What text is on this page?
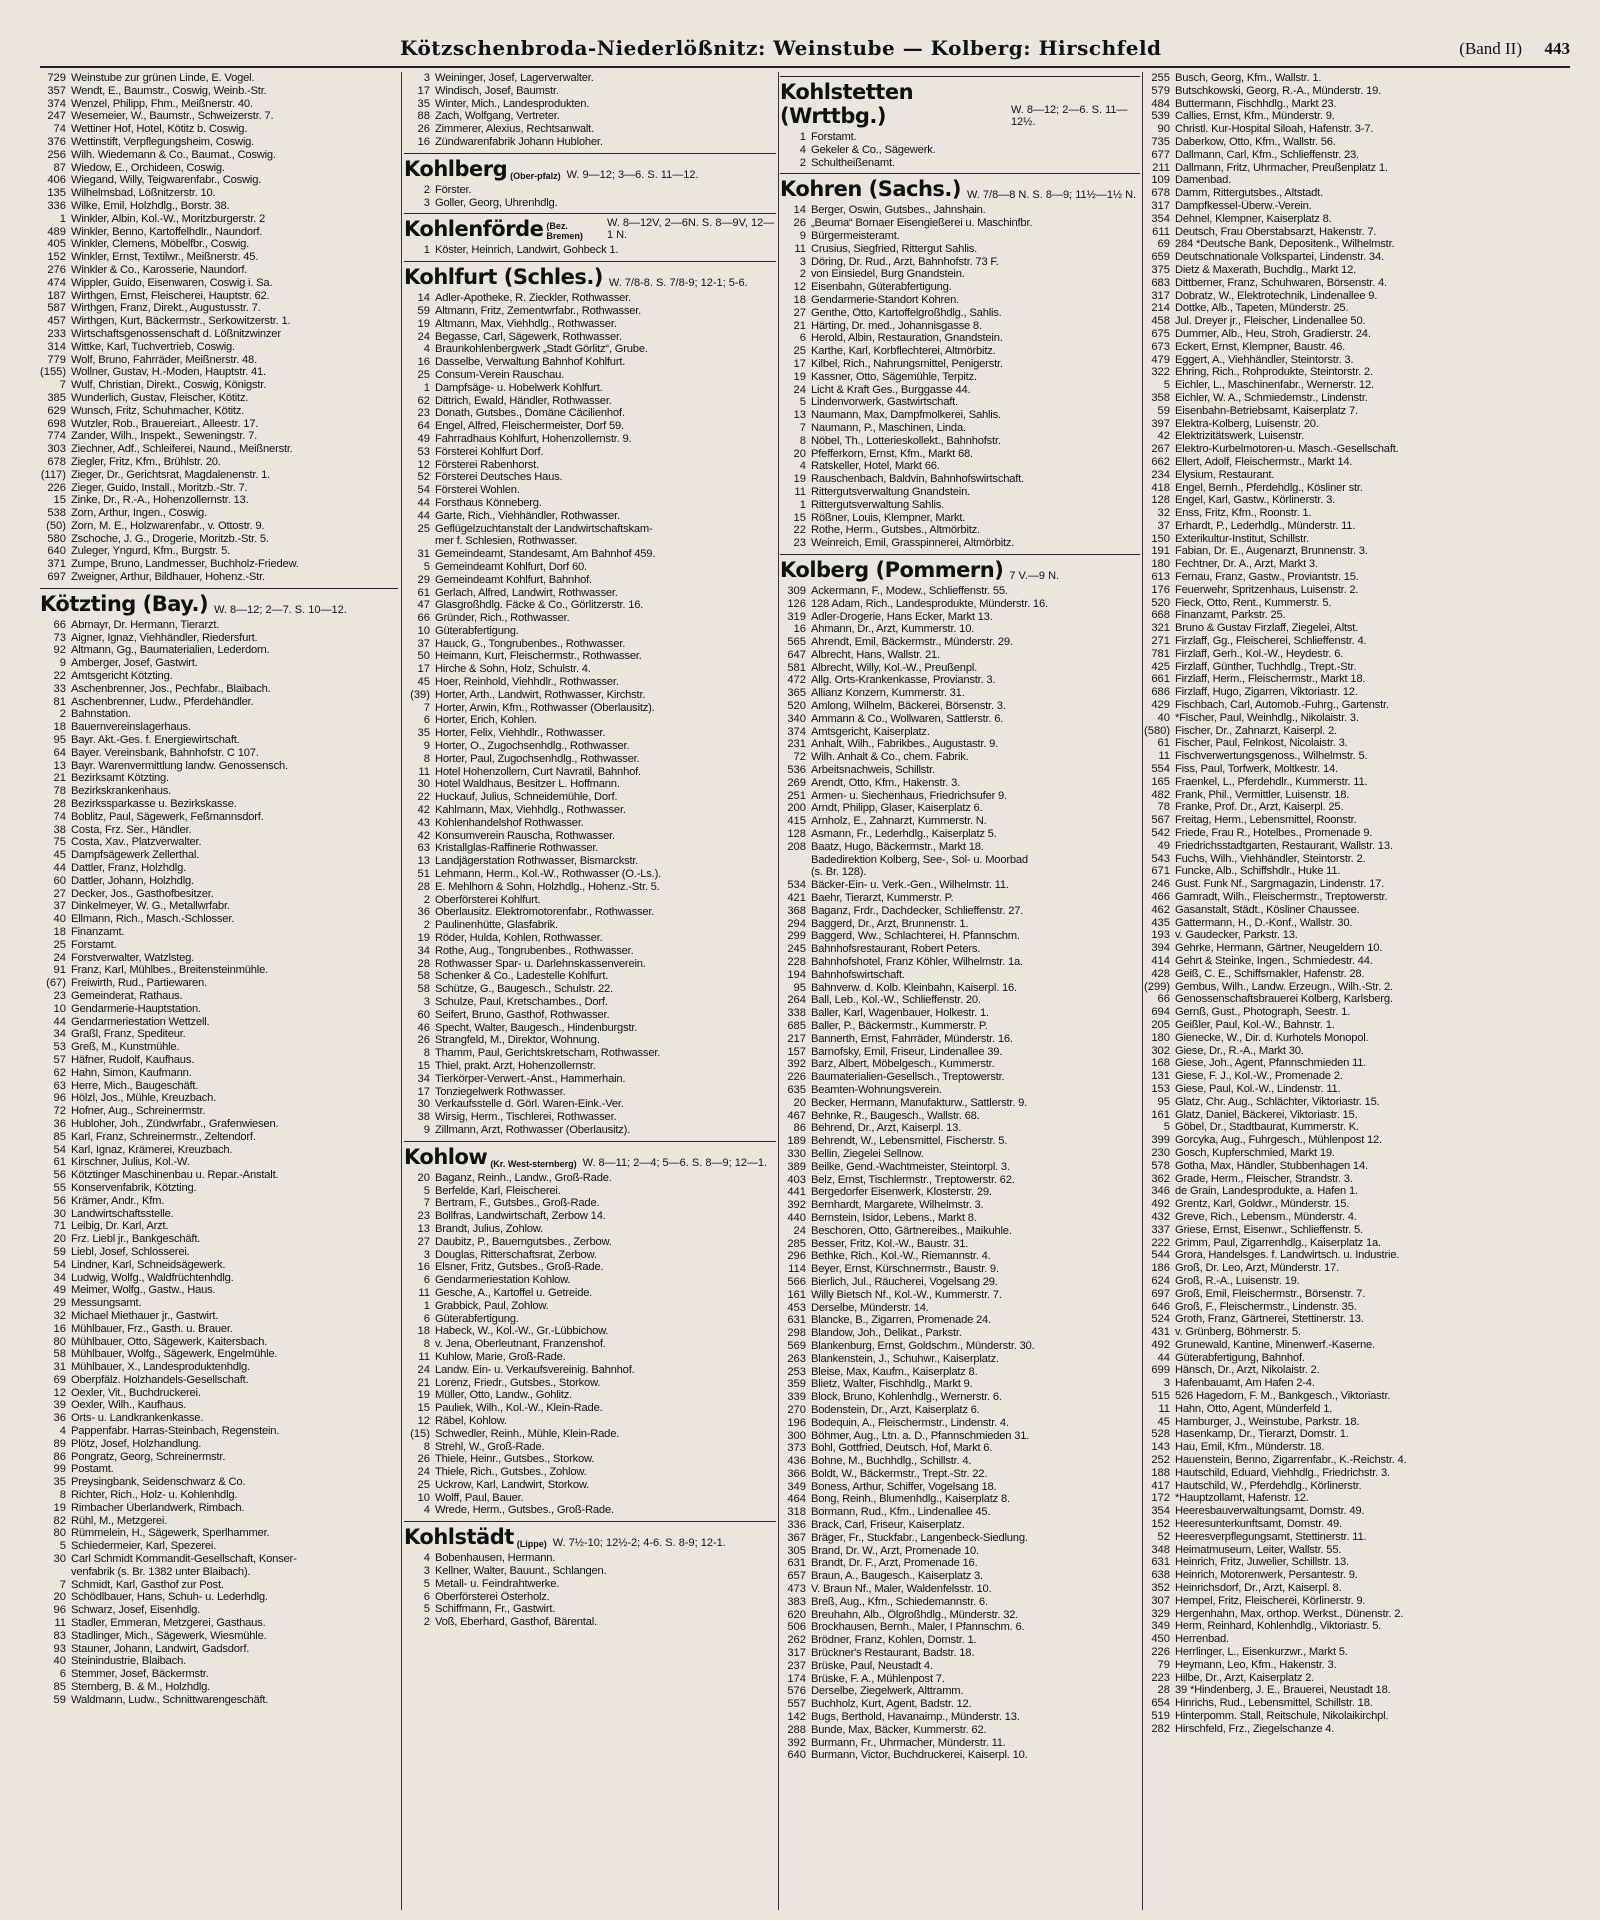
Kötzschenbroda-Niederlößnitz: Weinstube — Kolberg: Hirschfeld	(Band II) 443
729 Weinstube zur grünen Linde, E. Vogel.
357 Wendt, E., Baumstr., Coswig, Weinb.-Str.
374 Wenzel, Philipp, Fhm., Meißnerstr. 40.
247 Wesemeier, W., Baumstr., Schweizerstr. 7.
74 Wettiner Hof, Hotel, Kötitz b. Coswig.
376 Wettinstift, Verpflegungsheim, Coswig.
256 Wilh. Wiedemann & Co., Baumat., Coswig.
87 Wiedow, E., Orchideen, Coswig.
406 Wiegand, Willy, Teigwarenfabr., Coswig.
135 Wilhelmsbad, Lößnitzerstr. 10.
336 Wilke, Emil, Holzhdlg., Borstr. 38.
1 Winkler, Albin, Kol.-W., Moritzburgerstr. 2
489 Winkler, Benno, Kartoffelhdlr., Naundorf.
405 Winkler, Clemens, Möbelfbr., Coswig.
152 Winkler, Ernst, Textilwr., Meißnerstr. 45.
276 Winkler & Co., Karosserie, Naundorf.
474 Wippler, Guido, Eisenwaren, Coswig i. Sa.
187 Wirthgen, Ernst, Fleischerei, Hauptstr. 62.
587 Wirthgen, Franz, Direkt., Augustusstr. 7.
457 Wirthgen, Kurt, Bäckermstr., Serkowitzerstr. 1.
233 Wirtschaftsgenossenschaft d. Lößnitzwinzer
314 Wittke, Karl, Tuchvertrieb, Coswig.
779 Wolf, Bruno, Fahrräder, Meißnerstr. 48.
(155) Wollner, Gustav, H.-Moden, Hauptstr. 41.
7 Wulf, Christian, Direkt., Coswig, Königstr.
385 Wunderlich, Gustav, Fleischer, Kötitz.
629 Wunsch, Fritz, Schuhmacher, Kötitz.
698 Wutzler, Rob., Brauereiart., Alleestr. 17.
774 Zander, Wilh., Inspekt., Seweningstr. 7.
303 Ziechner, Adf., Schleiferei, Naund., Meißnerstr.
678 Ziegler, Fritz, Kfm., Brühlstr. 20.
(117) Zieger, Dr., Gerichtsrat, Magdalenenstr. 1.
226 Zieger, Guido, Install., Moritzb.-Str. 7.
15 Zinke, Dr., R.-A., Hohenzollernstr. 13.
538 Zorn, Arthur, Ingen., Coswig.
(50) Zorn, M. E., Holzwarenfabr., v. Ottostr. 9.
580 Zschoche, J. G., Drogerie, Moritzb.-Str. 5.
640 Zuleger, Yngurd, Kfm., Burgstr. 5.
371 Zumpe, Bruno, Landmesser, Buchholz-Friedew.
697 Zweigner, Arthur, Bildhauer, Hohenz.-Str.
Kötzting (Bay.) W. 8—12; 2—7. S. 10—12.
66 Abmayr, Dr. Hermann, Tierarzt.
73 Aigner, Ignaz, Viehhändler, Riedersfurt.
92 Altmann, Gg., Baumaterialien, Lederdorn.
9 Amberger, Josef, Gastwirt.
22 Amtsgericht Kötzting.
33 Aschenbrenner, Jos., Pechfabr., Blaibach.
81 Aschenbrenner, Ludw., Pferdehändler.
2 Bahnstation.
18 Bauernvereinslagerhaus.
95 Bayr. Akt.-Ges. f. Energiewirtschaft.
64 Bayer. Vereinsbank, Bahnhofstr. C 107.
13 Bayr. Warenvermittlung landw. Genossensch.
21 Bezirksamt Kötzting.
78 Bezirkskrankenhaus.
28 Bezirkssparkasse u. Bezirkskasse.
74 Boblitz, Paul, Sägewerk, Feßmannsdorf.
38 Costa, Frz. Ser., Händler.
75 Costa, Xav., Platzverwalter.
45 Dampfsägewerk Zellerthal.
44 Dattler, Franz, Holzhdlg.
60 Dattler, Johann, Holzhdlg.
27 Decker, Jos., Gasthofbesitzer.
37 Dinkelmeyer, W. G., Metallwrfabr.
40 Ellmann, Rich., Masch.-Schlosser.
18 Finanzamt.
25 Forstamt.
24 Forstverwalter, Watzlsteg.
91 Franz, Karl, Mühlbes., Breitensteinmühle.
(67) Freiwirth, Rud., Partiewaren.
23 Gemeinderat, Rathaus.
10 Gendarmerie-Hauptstation.
44 Gendarmeriestation Wettzell.
34 Graßl, Franz, Spediteur.
53 Greß, M., Kunstmühle.
57 Häfner, Rudolf, Kaufhaus.
62 Hahn, Simon, Kaufmann.
63 Herre, Mich., Baugeschäft.
96 Hölzl, Jos., Mühle, Kreuzbach.
72 Hofner, Aug., Schreinermstr.
36 Hubloher, Joh., Zündwrfabr., Grafenwiesen.
85 Karl, Franz, Schreinermstr., Zeltendorf.
54 Karl, Ignaz, Krämerei, Kreuzbach.
61 Kirschner, Julius, Kol.-W.
56 Kötztinger Maschinenbau u. Repar.-Anstalt.
55 Konservenfabrik, Kötzting.
56 Krämer, Andr., Kfm.
30 Landwirtschaftsstelle.
71 Leibig, Dr. Karl, Arzt.
20 Frz. Liebl jr., Bankgeschäft.
59 Liebl, Josef, Schlosserei.
54 Lindner, Karl, Schneidsägewerk.
34 Ludwig, Wolfg., Waldfrüchtenhdlg.
49 Meimer, Wolfg., Gastw., Haus.
29 Messungsamt.
32 Michael Miethauer jr., Gastwirt.
16 Mühlbauer, Frz., Gasth. u. Brauer.
80 Mühlbauer, Otto, Sägewerk, Kaitersbach.
58 Mühlbauer, Wolfg., Sägewerk, Engelmühle.
31 Mühlbauer, X., Landesproduktenhdlg.
69 Oberpfälz. Holzhandels-Gesellschaft.
12 Oexler, Vit., Buchdruckerei.
39 Oexler, Wilh., Kaufhaus.
36 Orts- u. Landkrankenkasse.
4 Pappenfabr. Harras-Steinbach, Regenstein.
89 Plötz, Josef, Holzhandlung.
86 Pongratz, Georg, Schreinermstr.
99 Postamt.
35 Preysingbank, Seidenschwarz & Co.
8 Richter, Rich., Holz- u. Kohlenhdlg.
19 Rimbacher Überlandwerk, Rimbach.
82 Rühl, M., Metzgerei.
80 Rümmelein, H., Sägewerk, Sperlhammer.
5 Schiedermeier, Karl, Spezerei.
30 Carl Schmidt Kommandit-Gesellschaft, Konser-
venfabrik (s. Br. 1382 unter Blaibach).
7 Schmidt, Karl, Gasthof zur Post.
20 Schödlbauer, Hans, Schuh- u. Lederhdlg.
96 Schwarz, Josef, Eisenhdlg.
11 Stadler, Emmeran, Metzgerei, Gasthaus.
83 Stadlinger, Mich., Sägewerk, Wiesmühle.
93 Stauner, Johann, Landwirt, Gadsdorf.
40 Steinindustrie, Blaibach.
6 Stemmer, Josef, Bäckermstr.
85 Sternberg, B. & M., Holzhdlg.
59 Waldmann, Ludw., Schnittwarengeschäft.
3 Weininger, Josef, Lagerverwalter.
17 Windisch, Josef, Baumstr.
35 Winter, Mich., Landesprodukten.
88 Zach, Wolfgang, Vertreter.
26 Zimmerer, Alexius, Rechtsanwalt.
16 Zündwarenfabrik Johann Hubloher.
Kohlberg (Ober-pfalz) W. 9—12; 3—6. S. 11—12.
2 Förster.
3 Goller, Georg, Uhrenhdlg.
Kohlenförde (Bez. Bremen)
W. 8—12V, 2—6N. S. 8—9V, 12—1 N.
1 Köster, Heinrich, Landwirt, Gohbeck 1.
Kohlfurt (Schles.) W. 7/8-8. S. 7/8-9; 12-1; 5-6.
14 Adler-Apotheke, R. Zieckler, Rothwasser.
59 Altmann, Fritz, Zementwrfabr., Rothwasser.
19 Altmann, Max, Viehhdlg., Rothwasser.
24 Begasse, Carl, Sägewerk, Rothwasser.
4 Braunkohlenbergwerk „Stadt Görlitz“, Grube.
16 Dasselbe, Verwaltung Bahnhof Kohlfurt.
25 Consum-Verein Rauschau.
1 Dampfsäge- u. Hobelwerk Kohlfurt.
62 Dittrich, Ewald, Händler, Rothwasser.
23 Donath, Gutsbes., Domäne Cäcilienhof.
64 Engel, Alfred, Fleischermeister, Dorf 59.
49 Fahrradhaus Kohlfurt, Hohenzollernstr. 9.
53 Försterei Kohlfurt Dorf.
12 Försterei Rabenhorst.
52 Försterei Deutsches Haus.
54 Försterei Wohlen.
44 Forsthaus Könneberg.
44 Garte, Rich., Viehhändler, Rothwasser.
25 Geflügelzuchtanstalt der Landwirtschaftskam-
mer f. Schlesien, Rothwasser.
31 Gemeindeamt, Standesamt, Am Bahnhof 459.
5 Gemeindeamt Kohlfurt, Dorf 60.
29 Gemeindeamt Kohlfurt, Bahnhof.
61 Gerlach, Alfred, Landwirt, Rothwasser.
47 Glasgroßhdlg. Fäcke & Co., Görlitzerstr. 16.
66 Gründer, Rich., Rothwasser.
10 Güterabfertigung.
37 Hauck, G., Tongrubenbes., Rothwasser.
50 Heimann, Kurt, Fleischermstr., Rothwasser.
17 Hirche & Sohn, Holz, Schulstr. 4.
45 Hoer, Reinhold, Viehhdlr., Rothwasser.
(39) Horter, Arth., Landwirt, Rothwasser, Kirchstr.
7 Horter, Arwin, Kfm., Rothwasser (Oberlausitz).
6 Horter, Erich, Kohlen.
35 Horter, Felix, Viehhdlr., Rothwasser.
9 Horter, O., Zugochsenhdlg., Rothwasser.
8 Horter, Paul, Zugochsenhdlg., Rothwasser.
11 Hotel Hohenzollern, Curt Navratil, Bahnhof.
30 Hotel Waldhaus, Besitzer L. Hoffmann.
22 Huckauf, Julius, Schneidemühle, Dorf.
42 Kahlmann, Max, Viehhdlg., Rothwasser.
43 Kohlenhandelshof Rothwasser.
42 Konsumverein Rauscha, Rothwasser.
63 Kristallglas-Raffinerie Rothwasser.
13 Landjägerstation Rothwasser, Bismarckstr.
51 Lehmann, Herm., Kol.-W., Rothwasser (O.-Ls.).
28 E. Mehlhorn & Sohn, Holzhdlg., Hohenz.-Str. 5.
2 Oberförsterei Kohlfurt.
36 Oberlausitz. Elektromotorenfabr., Rothwasser.
2 Paulinenhütte, Glasfabrik.
19 Röder, Hulda, Kohlen, Rothwasser.
34 Rothe, Aug., Tongrubenbes., Rothwasser.
28 Rothwasser Spar- u. Darlehnskassenverein.
58 Schenker & Co., Ladestelle Kohlfurt.
58 Schütze, G., Baugesch., Schulstr. 22.
3 Schulze, Paul, Kretschambes., Dorf.
60 Seifert, Bruno, Gasthof, Rothwasser.
46 Specht, Walter, Baugesch., Hindenburgstr.
26 Strangfeld, M., Direktor, Wohnung.
8 Thamm, Paul, Gerichtskretscham, Rothwasser.
15 Thiel, prakt. Arzt, Hohenzollernstr.
34 Tierkörper-Verwert.-Anst., Hammerhain.
17 Tonziegelwerk Rothwasser.
30 Verkaufsstelle d. Görl. Waren-Eink.-Ver.
38 Wirsig, Herm., Tischlerei, Rothwasser.
9 Zillmann, Arzt, Rothwasser (Oberlausitz).
Kohlow (Kr. West-sternberg) W. 8—11; 2—4; 5—6. S. 8—9; 12—1.
20 Baganz, Reinh., Landw., Groß-Rade.
5 Berfelde, Karl, Fleischerei.
7 Bertram, F., Gutsbes., Groß-Rade.
23 Bollfras, Landwirtschaft, Zerbow 14.
13 Brandt, Julius, Zohlow.
27 Daubitz, P., Bauerngutsbes., Zerbow.
3 Douglas, Ritterschaftsrat, Zerbow.
16 Elsner, Fritz, Gutsbes., Groß-Rade.
6 Gendarmeriestation Kohlow.
11 Gesche, A., Kartoffel u. Getreide.
1 Grabbick, Paul, Zohlow.
6 Güterabfertigung.
18 Habeck, W., Kol.-W., Gr.-Lübbichow.
8 v. Jena, Oberleutnant, Franzenshof.
11 Kuhlow, Marie, Groß-Rade.
24 Landw. Ein- u. Verkaufsvereinig. Bahnhof.
21 Lorenz, Friedr., Gutsbes., Storkow.
19 Müller, Otto, Landw., Gohlitz.
15 Pauliek, Wilh., Kol.-W., Klein-Rade.
12 Räbel, Kohlow.
(15) Schwedler, Reinh., Mühle, Klein-Rade.
8 Strehl, W., Groß-Rade.
26 Thiele, Heinr., Gutsbes., Storkow.
24 Thiele, Rich., Gutsbes., Zohlow.
25 Uckrow, Karl, Landwirt, Storkow.
10 Wolff, Paul, Bauer.
4 Wrede, Herm., Gutsbes., Groß-Rade.
Kohlstädt (Lippe) W. 7½-10; 12½-2; 4-6. S. 8-9; 12-1.
4 Bobenhausen, Hermann.
3 Kellner, Walter, Bauunt., Schlangen.
5 Metall- u. Feindrahtwerke.
6 Oberförsterei Österholz.
5 Schiffmann, Fr., Gastwirt.
2 Voß, Eberhard, Gasthof, Bärental.
Kohlstetten (Wrttbg.)	W. 8—12; 2—6. S. 11—12½.
1 Forstamt.
4 Gekeler & Co., Sägewerk.
2 Schultheißenamt.
Kohren (Sachs.) W. 7/8—8 N. S. 8—9; 11½—1½ N.
14 Berger, Oswin, Gutsbes., Jahnshain.
26 „Beuma“ Bornaer Eisengießerei u. Maschinfbr.
9 Bürgermeisteramt.
11 Crusius, Siegfried, Rittergut Sahlis.
3 Döring, Dr. Rud., Arzt, Bahnhofstr. 73 F.
2 von Einsiedel, Burg Gnandstein.
12 Eisenbahn, Güterabfertigung.
18 Gendarmerie-Standort Kohren.
27 Genthe, Otto, Kartoffelgroßhdlg., Sahlis.
21 Härting, Dr. med., Johannisgasse 8.
6 Herold, Albin, Restauration, Gnandstein.
25 Karthe, Karl, Korbflechterei, Altmörbitz.
17 Kilbel, Rich., Nahrungsmittel, Penigerstr.
19 Kassner, Otto, Sägemühle, Terpitz.
24 Licht & Kraft Ges., Burggasse 44.
5 Lindenvorwerk, Gastwirtschaft.
13 Naumann, Max, Dampfmolkerei, Sahlis.
7 Naumann, P., Maschinen, Linda.
8 Nöbel, Th., Lotterieskollekt., Bahnhofstr.
20 Pfefferkorn, Ernst, Kfm., Markt 68.
4 Ratskeller, Hotel, Markt 66.
19 Rauschenbach, Baldvin, Bahnhofswirtschaft.
11 Rittergutsverwaltung Gnandstein.
1 Rittergutsverwaltung Sahlis.
15 Rößner, Louis, Klempner, Markt.
22 Rothe, Herm., Gutsbes., Altmörbitz.
23 Weinreich, Emil, Grasspinnerei, Altmörbitz.
Kolberg (Pommern) 7 V.—9 N.
309 Ackermann, F., Modew., Schlieffenstr. 55.
126 128 Adam, Rich., Landesprodukte, Münderstr. 16.
319 Adler-Drogerie, Hans Ecker, Markt 13.
16 Ahmann, Dr., Arzt, Kummerstr. 10.
565 Ahrendt, Emil, Bäckermstr., Münderstr. 29.
647 Albrecht, Hans, Wallstr. 21.
581 Albrecht, Willy, Kol.-W., Preußenpl.
472 Allg. Orts-Krankenkasse, Provianstr. 3.
365 Allianz Konzern, Kummerstr. 31.
520 Amlong, Wilhelm, Bäckerei, Börsenstr. 3.
340 Ammann & Co., Wollwaren, Sattlerstr. 6.
374 Amtsgericht, Kaiserplatz.
231 Anhalt, Wilh., Fabrikbes., Augustastr. 9.
72 Wilh. Anhalt & Co., chem. Fabrik.
536 Arbeitsnachweis, Schillstr.
269 Arendt, Otto, Kfm., Hakenstr. 3.
251 Armen- u. Siechenhaus, Friedrichsufer 9.
200 Arndt, Philipp, Glaser, Kaiserplatz 6.
415 Arnholz, E., Zahnarzt, Kummerstr. N.
128 Asmann, Fr., Lederhdlg., Kaiserplatz 5.
208 Baatz, Hugo, Bäckermstr., Markt 18.
Badedirektion Kolberg, See-, Sol- u. Moorbad
(s. Br. 128).
534 Bäcker-Ein- u. Verk.-Gen., Wilhelmstr. 11.
421 Baehr, Tierarzt, Kummerstr. P.
368 Baganz, Frdr., Dachdecker, Schlieffenstr. 27.
294 Baggerd, Dr., Arzt, Brunnenstr. 1.
299 Baggerd, Ww., Schlachterei, H. Pfannschm.
245 Bahnhofsrestaurant, Robert Peters.
228 Bahnhofshotel, Franz Köhler, Wilhelmstr. 1a.
194 Bahnhofswirtschaft.
95 Bahnverw. d. Kolb. Kleinbahn, Kaiserpl. 16.
264 Ball, Leb., Kol.-W., Schlieffenstr. 20.
338 Baller, Karl, Wagenbauer, Holkestr. 1.
685 Baller, P., Bäckermstr., Kummerstr. P.
217 Bannerth, Ernst, Fahrräder, Münderstr. 16.
157 Barnofsky, Emil, Friseur, Lindenallee 39.
392 Barz, Albert, Möbelgesch., Kummerstr.
226 Baumaterialien-Gesellsch., Treptowerstr.
635 Beamten-Wohnungsverein.
20 Becker, Hermann, Manufakturw., Sattlerstr. 9.
467 Behnke, R., Baugesch., Wallstr. 68.
86 Behrend, Dr., Arzt, Kaiserpl. 13.
189 Behrendt, W., Lebensmittel, Fischerstr. 5.
330 Bellin, Ziegelei Sellnow.
389 Beilke, Gend.-Wachtmeister, Steintorpl. 3.
403 Belz, Ernst, Tischlermstr., Treptowerstr. 62.
441 Bergedorfer Eisenwerk, Klosterstr. 29.
392 Bernhardt, Margarete, Wilhelmstr. 3.
440 Bernstein, Isidor, Lebens., Markt 8.
24 Beschoren, Otto, Gärtnereibes., Maikuhle.
285 Besser, Fritz, Kol.-W., Baustr. 31.
296 Bethke, Rich., Kol.-W., Riemannstr. 4.
114 Beyer, Ernst, Kürschnermstr., Baustr. 9.
566 Bierlich, Jul., Räucherei, Vogelsang 29.
161 Willy Bietsch Nf., Kol.-W., Kummerstr. 7.
453 Derselbe, Münderstr. 14.
631 Blancke, B., Zigarren, Promenade 24.
298 Blandow, Joh., Delikat., Parkstr.
569 Blankenburg, Ernst, Goldschm., Münderstr. 30.
263 Blankenstein, J., Schuhwr., Kaiserplatz.
253 Bleise, Max, Kaufm., Kaiserplatz 8.
359 Blietz, Walter, Fischhdlg., Markt 9.
339 Block, Bruno, Kohlenhdlg., Wernerstr. 6.
270 Bodenstein, Dr., Arzt, Kaiserplatz 6.
196 Bodequin, A., Fleischermstr., Lindenstr. 4.
300 Böhmer, Aug., Ltn. a. D., Pfannschmieden 31.
373 Bohl, Gottfried, Deutsch. Hof, Markt 6.
436 Bohne, M., Buchhdlg., Schillstr. 4.
366 Boldt, W., Bäckermstr., Trept.-Str. 22.
349 Boness, Arthur, Schiffer, Vogelsang 18.
464 Bong, Reinh., Blumenhdlg., Kaiserplatz 8.
318 Bormann, Rud., Kfm., Lindenallee 45.
336 Brack, Carl, Friseur, Kaiserplatz.
367 Bräger, Fr., Stuckfabr., Langenbeck-Siedlung.
305 Brand, Dr. W., Arzt, Promenade 10.
631 Brandt, Dr. F., Arzt, Promenade 16.
657 Braun, A., Baugesch., Kaiserplatz 3.
473 V. Braun Nf., Maler, Waldenfelsstr. 10.
383 Breß, Aug., Kfm., Schiedemannstr. 6.
620 Breuhahn, Alb., Ölgroßhdlg., Münderstr. 32.
506 Brockhausen, Bernh., Maler, I Pfannschm. 6.
262 Brödner, Franz, Kohlen, Domstr. 1.
317 Brückner's Restaurant, Badstr. 18.
237 Brüske, Paul, Neustadt 4.
174 Brüske, F. A., Mühlenpost 7.
576 Derselbe, Ziegelwerk, Alttramm.
557 Buchholz, Kurt, Agent, Badstr. 12.
142 Bugs, Berthold, Havanaimp., Münderstr. 13.
288 Bunde, Max, Bäcker, Kummerstr. 62.
392 Burmann, Fr., Uhrmacher, Münderstr. 11.
640 Burmann, Victor, Buchdruckerei, Kaiserpl. 10.
255 Busch, Georg, Kfm., Wallstr. 1.
579 Butschkowski, Georg, R.-A., Münderstr. 19.
484 Buttermann, Fischhdlg., Markt 23.
539 Callies, Ernst, Kfm., Münderstr. 9.
90 Christl. Kur-Hospital Siloah, Hafenstr. 3-7.
735 Daberkow, Otto, Kfm., Wallstr. 56.
677 Dallmann, Carl, Kfm., Schlieffenstr. 23.
211 Dallmann, Fritz, Uhrmacher, Preußenplatz 1.
109 Damenbad.
678 Damm, Rittergutsbes., Altstadt.
317 Dampfkessel-Überw.-Verein.
354 Dehnel, Klempner, Kaiserplatz 8.
611 Deutsch, Frau Oberstabsarzt, Hakenstr. 7.
69 284 *Deutsche Bank, Depositenk., Wilhelmstr.
659 Deutschnationale Volkspartei, Lindenstr. 34.
375 Dietz & Maxerath, Buchdlg., Markt 12.
683 Dittberner, Franz, Schuhwaren, Börsenstr. 4.
317 Dobratz, W., Elektrotechnik, Lindenallee 9.
214 Dottke, Alb., Tapeten, Münderstr. 25.
458 Jul. Dreyer jr., Fleischer, Lindenallee 50.
675 Dummer, Alb., Heu, Stroh, Gradierstr. 24.
673 Eckert, Ernst, Klempner, Baustr. 46.
479 Eggert, A., Viehhändler, Steintorstr. 3.
322 Ehring, Rich., Rohprodukte, Steintorstr. 2.
5 Eichler, L., Maschinenfabr., Wernerstr. 12.
358 Eichler, W. A., Schmiedemstr., Lindenstr.
59 Eisenbahn-Betriebsamt, Kaiserplatz 7.
397 Elektra-Kolberg, Luisenstr. 20.
42 Elektrizitätswerk, Luisenstr.
267 Elektro-Kurbelmotoren-u. Masch.-Gesellschaft.
662 Ellert, Adolf, Fleischermstr., Markt 14.
234 Elysium, Restaurant.
418 Engel, Bernh., Pferdehdlg., Kösliner str.
128 Engel, Karl, Gastw., Körlinerstr. 3.
32 Enss, Fritz, Kfm., Roonstr. 1.
37 Erhardt, P., Lederhdlg., Münderstr. 11.
150 Exterikultur-Institut, Schillstr.
191 Fabian, Dr. E., Augenarzt, Brunnenstr. 3.
180 Fechtner, Dr. A., Arzt, Markt 3.
613 Fernau, Franz, Gastw., Proviantstr. 15.
176 Feuerwehr, Spritzenhaus, Luisenstr. 2.
520 Fieck, Otto, Rent., Kummerstr. 5.
668 Finanzamt, Parkstr. 25.
321 Bruno & Gustav Firzlaff, Ziegelei, Altst.
271 Firzlaff, Gg., Fleischerei, Schlieffenstr. 4.
781 Firzlaff, Gerh., Kol.-W., Heydestr. 6.
425 Firzlaff, Günther, Tuchhdlg., Trept.-Str.
661 Firzlaff, Herm., Fleischermstr., Markt 18.
686 Firzlaff, Hugo, Zigarren, Viktoriastr. 12.
429 Fischbach, Carl, Automob.-Fuhrg., Gartenstr.
40 *Fischer, Paul, Weinhdlg., Nikolaistr. 3.
(580) Fischer, Dr., Zahnarzt, Kaiserpl. 2.
61 Fischer, Paul, Felnkost, Nicolaistr. 3.
11 Fischverwertungsgenoss., Wilhelmstr. 5.
554 Fiss, Paul, Torfwerk, Moltkestr. 14.
165 Fraenkel, L., Pferdehdlr., Kummerstr. 11.
482 Frank, Phil., Vermittler, Luisenstr. 18.
78 Franke, Prof. Dr., Arzt, Kaiserpl. 25.
567 Freitag, Herm., Lebensmittel, Roonstr.
542 Friede, Frau R., Hotelbes., Promenade 9.
49 Friedrichsstadtgarten, Restaurant, Wallstr. 13.
543 Fuchs, Wilh., Viehhändler, Steintorstr. 2.
671 Funcke, Alb., Schiffshdlr., Huke 11.
246 Gust. Funk Nf., Sargmagazin, Lindenstr. 17.
466 Gamradt, Wilh., Fleischermstr., Treptowerstr.
462 Gasanstalt, Städt., Kösliner Chaussee.
435 Gattermann, H., D.-Konf., Wallstr. 30.
193 v. Gaudecker, Parkstr. 13.
394 Gehrke, Hermann, Gärtner, Neugeldern 10.
414 Gehrt & Steinke, Ingen., Schmiedestr. 44.
428 Geiß, C. E., Schiffsmakler, Hafenstr. 28.
(299) Gembus, Wilh., Landw. Erzeugn., Wilh.-Str. 2.
66 Genossenschaftsbrauerei Kolberg, Karlsberg.
694 Gernß, Gust., Photograph, Seestr. 1.
205 Geißler, Paul, Kol.-W., Bahnstr. 1.
180 Gienecke, W., Dir. d. Kurhotels Monopol.
302 Giese, Dr., R.-A., Markt 30.
168 Giese, Joh., Agent, Pfannschmieden 11.
131 Giese, F. J., Kol.-W., Promenade 2.
153 Giese, Paul, Kol.-W., Lindenstr. 11.
95 Glatz, Chr. Aug., Schlächter, Viktoriastr. 15.
161 Glatz, Daniel, Bäckerei, Viktoriastr. 15.
5 Göbel, Dr., Stadtbaurat, Kummerstr. K.
399 Gorcyka, Aug., Fuhrgesch., Mühlenpost 12.
230 Gosch, Kupferschmied, Markt 19.
578 Gotha, Max, Händler, Stubbenhagen 14.
362 Grade, Herm., Fleischer, Strandstr. 3.
346 de Grain, Landesprodukte, a. Hafen 1.
492 Grentz, Karl, Goldwr., Münderstr. 15.
432 Greve, Rich., Lebensm., Münderstr. 4.
337 Griese, Ernst, Eisenwr., Schlieffenstr. 5.
222 Grimm, Paul, Zigarrenhdlg., Kaiserplatz 1a.
544 Grora, Handelsges. f. Landwirtsch. u. Industrie.
186 Groß, Dr. Leo, Arzt, Münderstr. 17.
624 Groß, R.-A., Luisenstr. 19.
697 Groß, Emil, Fleischermstr., Börsenstr. 7.
646 Groß, F., Fleischermstr., Lindenstr. 35.
524 Groth, Franz, Gärtnerei, Stettinerstr. 13.
431 v. Grünberg, Böhmerstr. 5.
492 Grunewald, Kantine, Minenwerf.-Kaserne.
44 Güterabfertigung, Bahnhof.
699 Hänsch, Dr., Arzt, Nikolaistr. 2.
3 Hafenbauamt, Am Hafen 2-4.
515 526 Hagedorn, F. M., Bankgesch., Viktoriastr.
11 Hahn, Otto, Agent, Münderfeld 1.
45 Hamburger, J., Weinstube, Parkstr. 18.
528 Hasenkamp, Dr., Tierarzt, Domstr. 1.
143 Hau, Emil, Kfm., Münderstr. 18.
252 Hauenstein, Benno, Zigarrenfabr., K.-Reichstr. 4.
188 Hautschild, Eduard, Viehhdlg., Friedrichstr. 3.
417 Hautschild, W., Pferdehdlg., Körlinerstr.
172 *Hauptzollamt, Hafenstr. 12.
354 Heeresbauverwaltungsamt, Domstr. 49.
152 Heeresunterkunftsamt, Domstr. 49.
52 Heeresverpflegungsamt, Stettinerstr. 11.
348 Heimatmuseum, Leiter, Wallstr. 55.
631 Heinrich, Fritz, Juwelier, Schillstr. 13.
638 Heinrich, Motorenwerk, Persantestr. 9.
352 Heinrichsdorf, Dr., Arzt, Kaiserpl. 8.
307 Hempel, Fritz, Fleischerei, Körlinerstr. 9.
329 Hergenhahn, Max, orthop. Werkst., Dünenstr. 2.
349 Herm, Reinhard, Kohlenhdlg., Viktoriastr. 5.
450 Herrenbad.
226 Herrlinger, L., Eisenkurzwr., Markt 5.
79 Heymann, Leo, Kfm., Hakenstr. 3.
223 Hilbe, Dr., Arzt, Kaiserplatz 2.
28 39 *Hindenberg, J. E., Brauerei, Neustadt 18.
654 Hinrichs, Rud., Lebensmittel, Schillstr. 18.
519 Hinterpomm. Stall, Reitschule, Nikolaikirchpl.
282 Hirschfeld, Frz., Ziegelschanze 4.
